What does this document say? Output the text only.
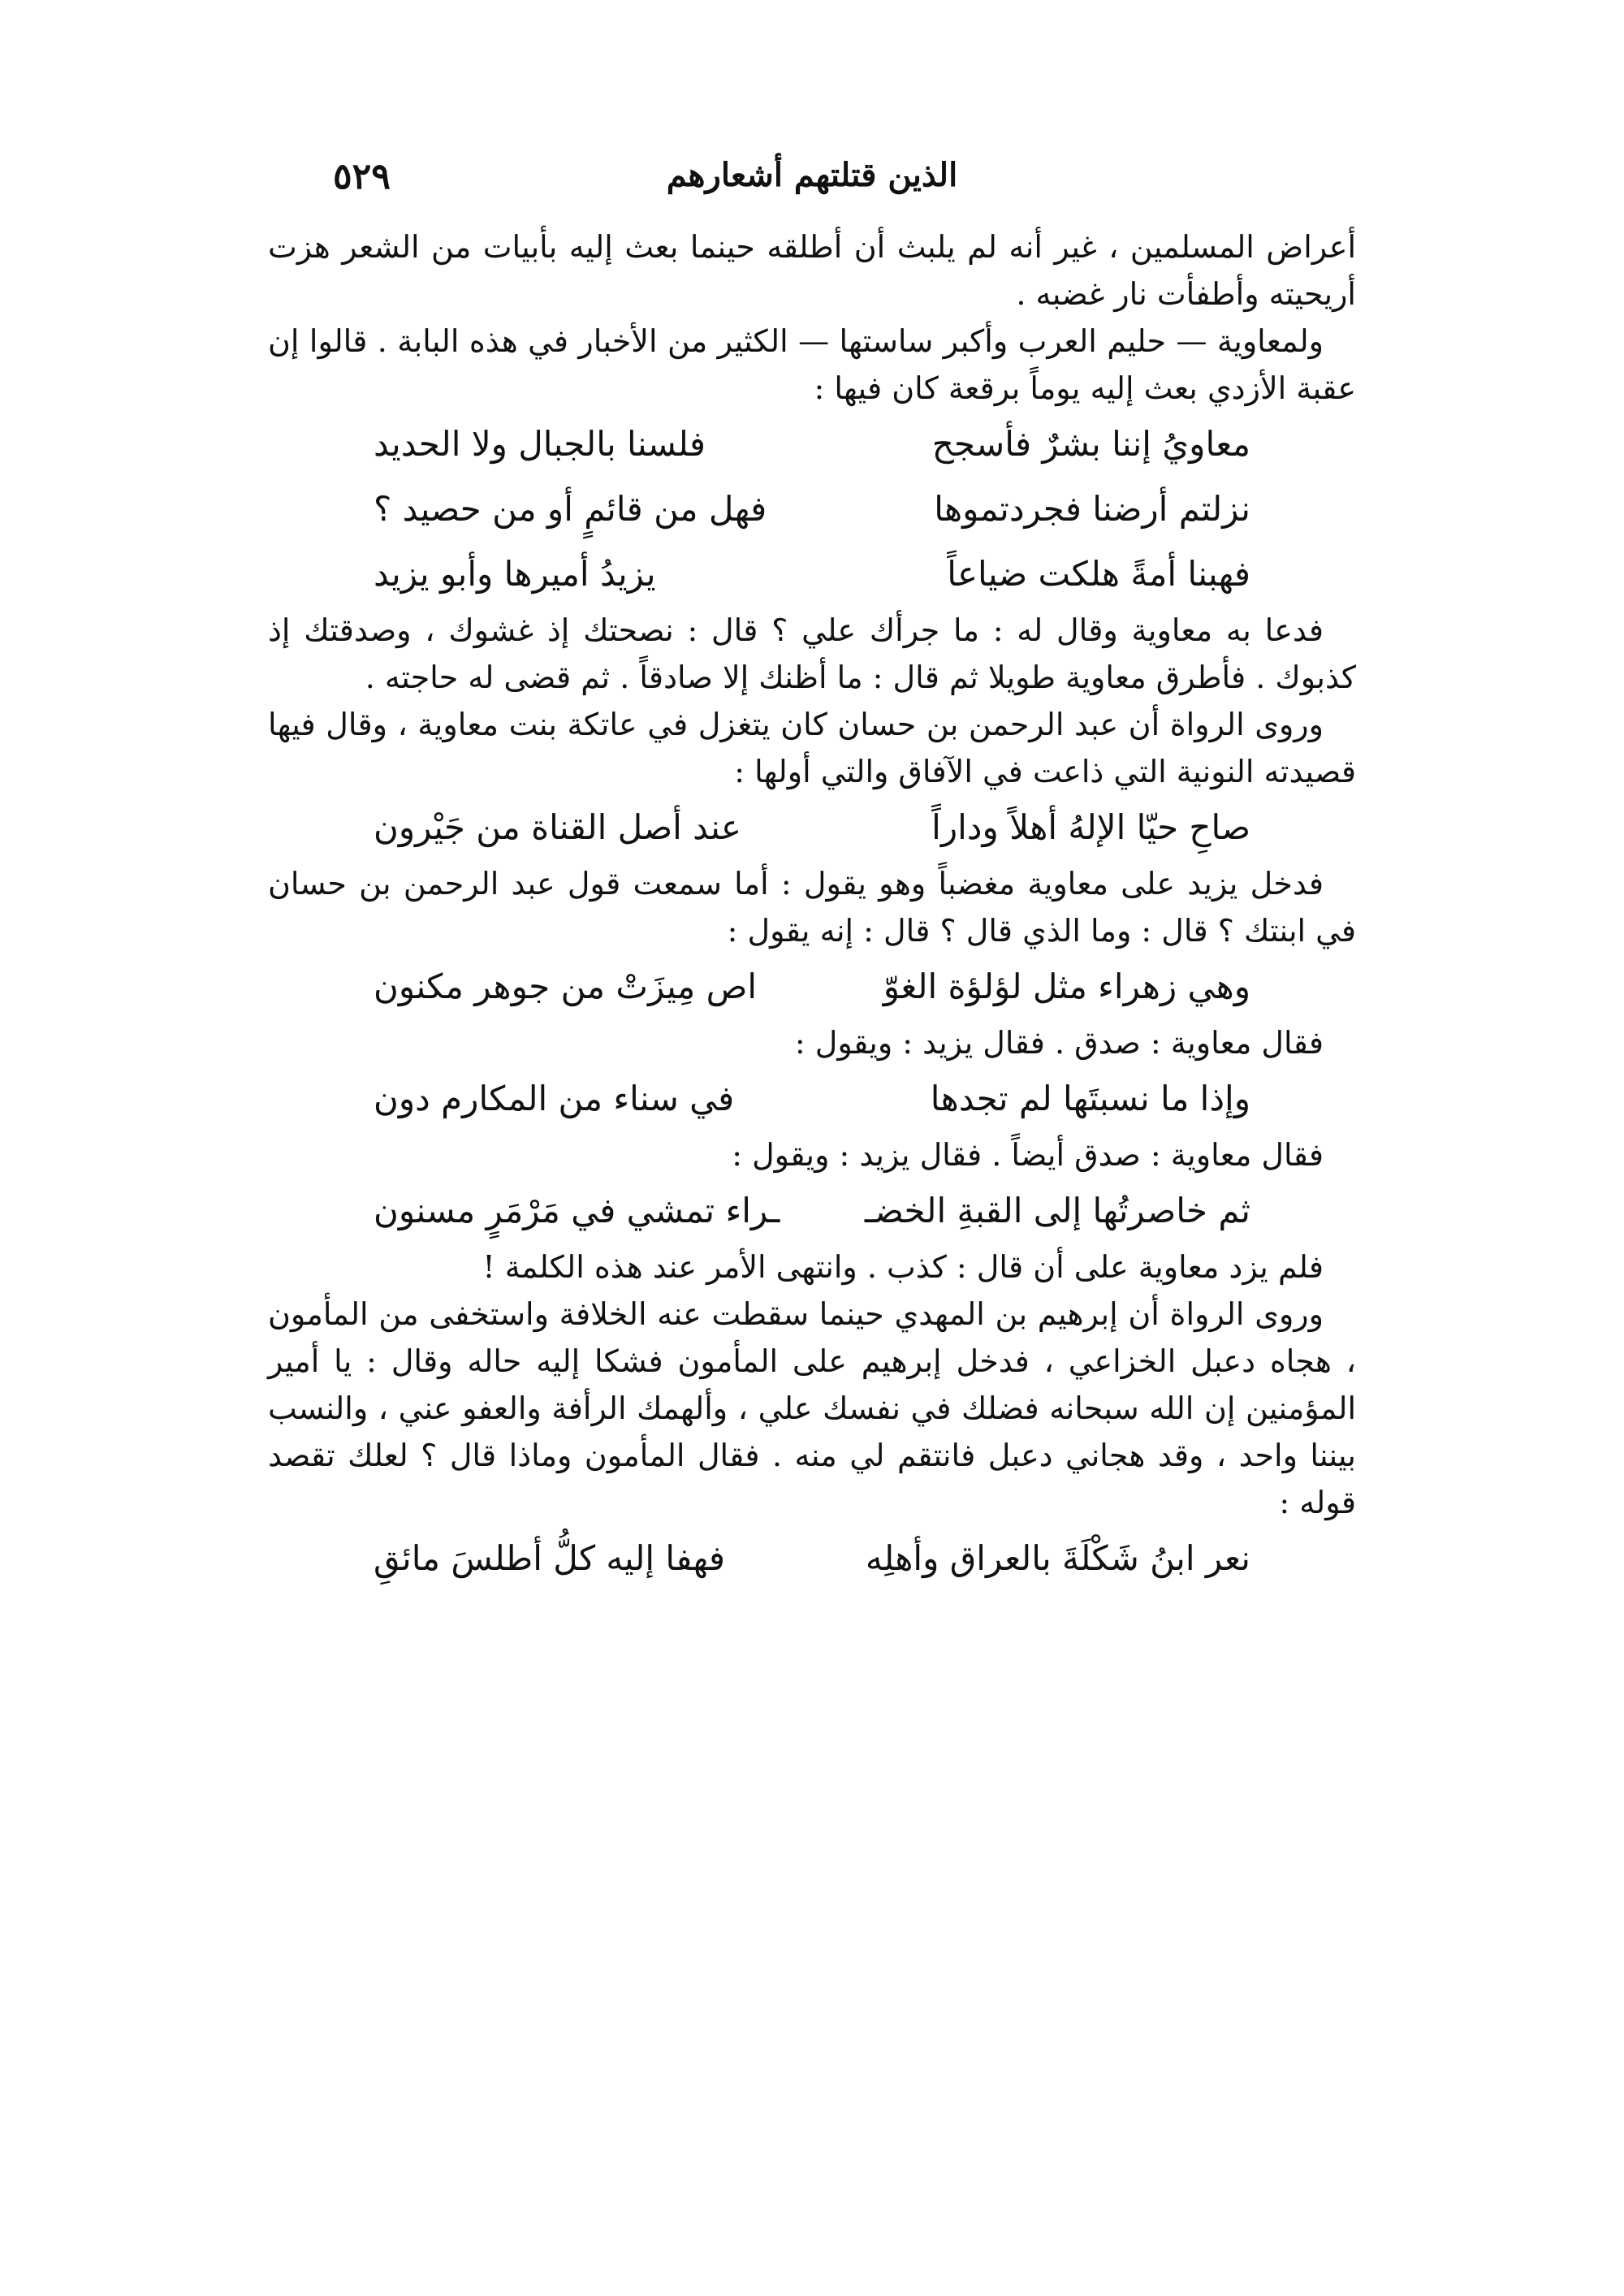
الذين قتلتهم أشعارهم
٥٢٩

أعراض المسلمين ، غير أنه لم يلبث أن أطلقه حينما بعث إليه بأبيات من الشعر هزت أريحيته وأطفأت نار غضبه .

ولمعاوية — حليم العرب وأكبر ساستها — الكثير من الأخبار في هذه البابة . قالوا إن عقبة الأزدي بعث إليه يوماً برقعة كان فيها :

معاويُ إننا بشرٌ فأسجح
فلسنا بالجبال ولا الحديد
نزلتم أرضنا فجردتموها
فهل من قائمٍ أو من حصيد ؟
فهبنا أمةً هلكت ضياعاً
يزيدُ أميرها وأبو يزيد

فدعا به معاوية وقال له : ما جرأك علي ؟ قال : نصحتك إذ غشوك ، وصدقتك إذ كذبوك . فأطرق معاوية طويلا ثم قال : ما أظنك إلا صادقاً . ثم قضى له حاجته .

وروى الرواة أن عبد الرحمن بن حسان كان يتغزل في عاتكة بنت معاوية ، وقال فيها قصيدته النونية التي ذاعت في الآفاق والتي أولها :

صاحِ حيّا الإلهُ أهلاً وداراً
عند أصل القناة من جَيْرون

فدخل يزيد على معاوية مغضباً وهو يقول : أما سمعت قول عبد الرحمن بن حسان في ابنتك ؟ قال : وما الذي قال ؟ قال : إنه يقول :

وهي زهراء مثل لؤلؤة الغوّ
اص مِيزَتْ من جوهر مكنون

فقال معاوية : صدق . فقال يزيد : ويقول :

وإذا ما نسبتَها لم تجدها
في سناء من المكارم دون

فقال معاوية : صدق أيضاً . فقال يزيد : ويقول :

ثم خاصرتُها إلى القبةِ الخضـ
ـراء تمشي في مَرْمَرٍ مسنون

فلم يزد معاوية على أن قال : كذب . وانتهى الأمر عند هذه الكلمة !

وروى الرواة أن إبرهيم بن المهدي حينما سقطت عنه الخلافة واستخفى من المأمون ، هجاه دعبل الخزاعي ، فدخل إبرهيم على المأمون فشكا إليه حاله وقال : يا أمير المؤمنين إن الله سبحانه فضلك في نفسك علي ، وألهمك الرأفة والعفو عني ، والنسب بيننا واحد ، وقد هجاني دعبل فانتقم لي منه . فقال المأمون وماذا قال ؟ لعلك تقصد قوله :

نعر ابنُ شَكْلَةَ بالعراق وأهلِه
فهفا إليه كلُّ أطلسَ مائقِ
